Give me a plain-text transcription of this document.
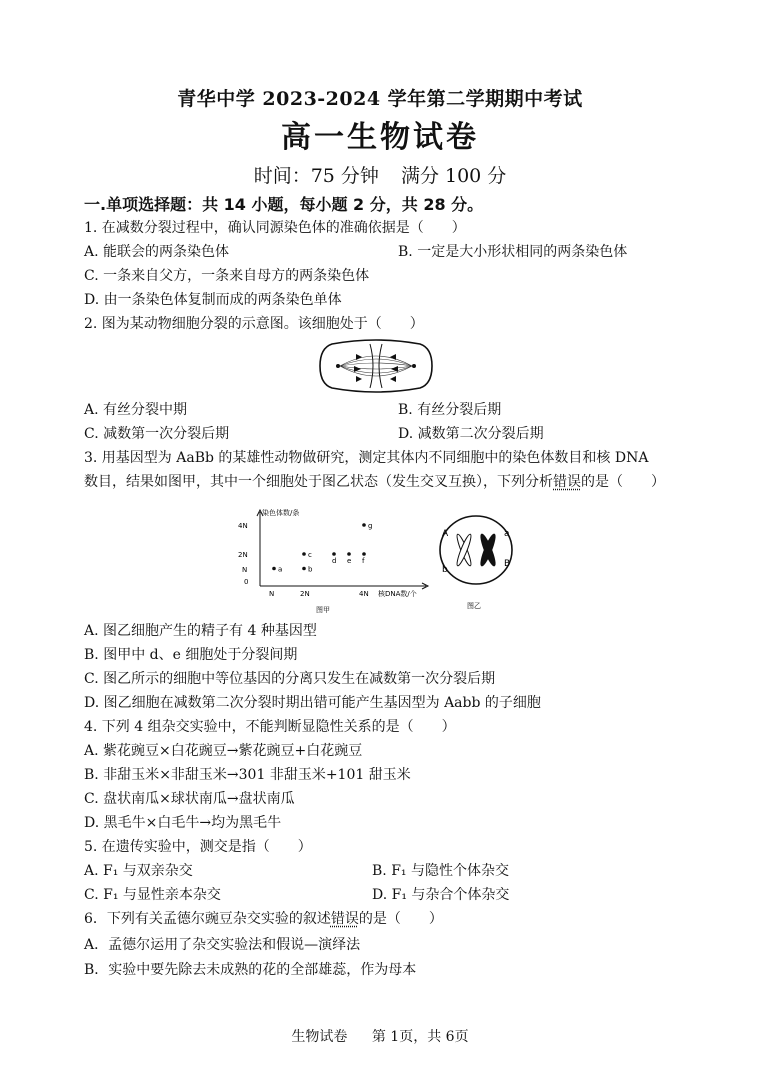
青华中学 2023-2024 学年第二学期期中考试
高一生物试卷
时间：75 分钟 满分 100 分
一.单项选择题：共 14 小题，每小题 2 分，共 28 分。
1. 在减数分裂过程中，确认同源染色体的准确依据是（　　）
A. 能联会的两条染色体	B. 一定是大小形状相同的两条染色体
C. 一条来自父方，一条来自母方的两条染色体
D. 由一条染色体复制而成的两条染色单体
2. 图为某动物细胞分裂的示意图。该细胞处于（　　）
A. 有丝分裂中期	B. 有丝分裂后期
C. 减数第一次分裂后期	D. 减数第二次分裂后期
3. 用基因型为 AaBb 的某雄性动物做研究，测定其体内不同细胞中的染色体数目和核 DNA
数目，结果如图甲，其中一个细胞处于图乙状态（发生交叉互换），下列分析错误的是（　　）
染色体数/条
核DNA数/个
4N
2N
N
0
N	2N	4N
图甲
a	b
c
d e f
g
A	a
B
b
图乙
A. 图乙细胞产生的精子有 4 种基因型
B. 图甲中 d、e 细胞处于分裂间期
C. 图乙所示的细胞中等位基因的分离只发生在减数第一次分裂后期
D. 图乙细胞在减数第二次分裂时期出错可能产生基因型为 Aabb 的子细胞
4. 下列 4 组杂交实验中，不能判断显隐性关系的是（　　）
A. 紫花豌豆×白花豌豆→紫花豌豆+白花豌豆
B. 非甜玉米×非甜玉米→301 非甜玉米+101 甜玉米
C. 盘状南瓜×球状南瓜→盘状南瓜
D. 黑毛牛×白毛牛→均为黑毛牛
5. 在遗传实验中，测交是指（　　）
A. F₁ 与双亲杂交	B. F₁ 与隐性个体杂交
C. F₁ 与显性亲本杂交	D. F₁ 与杂合个体杂交
6．下列有关孟德尔豌豆杂交实验的叙述错误的是（　　）
A．孟德尔运用了杂交实验法和假说—演绎法
B．实验中要先除去未成熟的花的全部雄蕊，作为母本
生物试卷 第 1页，共 6页
